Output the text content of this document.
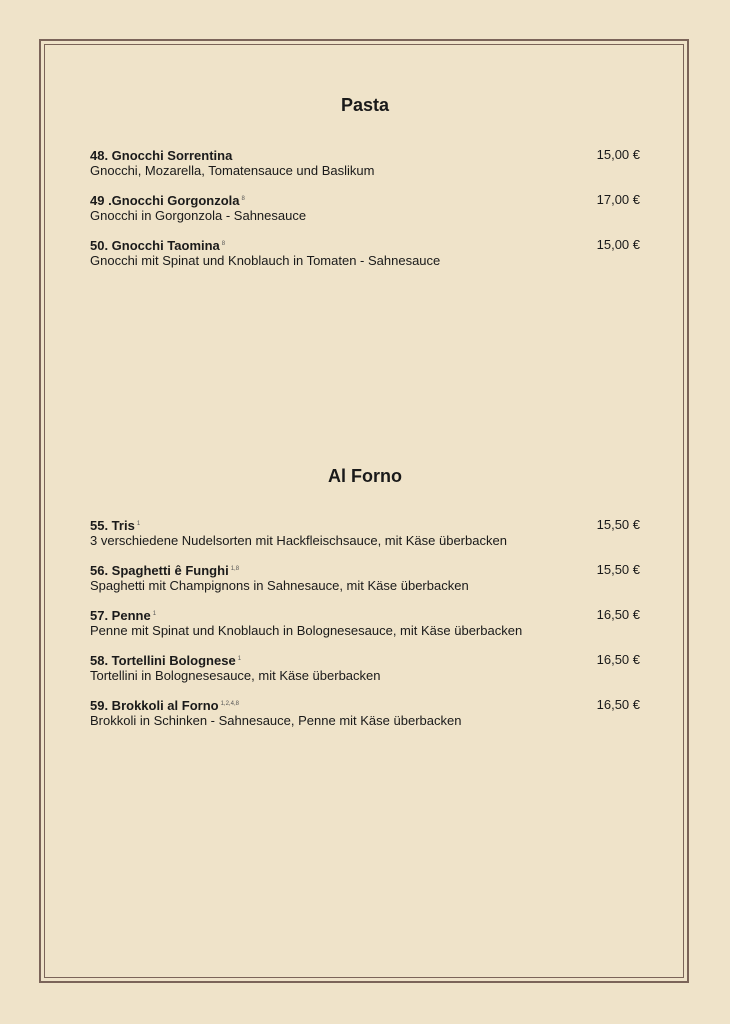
Pasta
48. Gnocchi Sorrentina
Gnocchi, Mozarella, Tomatensauce und Baslikum
15,00 €
49 .Gnocchi Gorgonzola $^8$
Gnocchi in Gorgonzola - Sahnesauce
17,00 €
50. Gnocchi Taomina $^8$
Gnocchi mit Spinat und Knoblauch in Tomaten - Sahnesauce
15,00 €
Al Forno
55. Tris $^1$
3 verschiedene Nudelsorten mit Hackfleischsauce, mit Käse überbacken
15,50 €
56. Spaghetti ê Funghi $^{1,8}$
Spaghetti mit Champignons in Sahnesauce, mit Käse überbacken
15,50 €
57. Penne $^1$
Penne mit Spinat und Knoblauch in Bolognesesauce, mit Käse überbacken
16,50 €
58. Tortellini Bolognese $^1$
Tortellini in Bolognesesauce, mit Käse überbacken
16,50 €
59. Brokkoli al Forno $^{1,2,4,8}$
Brokkoli in Schinken - Sahnesauce, Penne mit Käse überbacken
16,50 €
